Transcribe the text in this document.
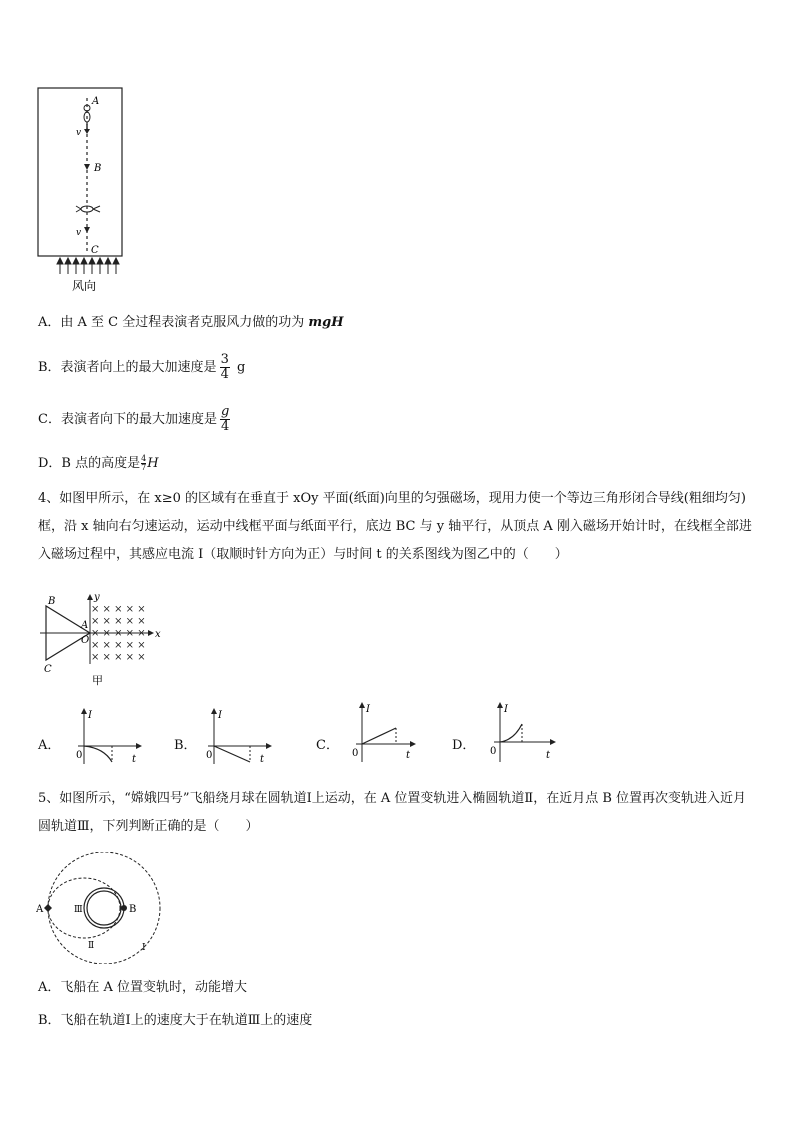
A
v
B
v
C
风向
A．由 A 至 C 全过程表演者克服风力做的功为 mgH
B．表演者向上的最大加速度是 $\frac{3}{4}$ g
C．表演者向下的最大加速度是 $\frac{g}{4}$
D．B 点的高度是 $\frac{4}{7}H$
4、如图甲所示，在 x≥0 的区域有在垂直于 xOy 平面(纸面)向里的匀强磁场，现用力使一个等边三角形闭合导线(粗细均匀)框，沿 x 轴向右匀速运动，运动中线框平面与纸面平行，底边 BC 与 y 轴平行，从顶点 A 刚入磁场开始计时，在线框全部进入磁场过程中，其感应电流 I（取顺时针方向为正）与时间 t 的关系图线为图乙中的（　　）
× × × × ×
× × × × ×
× × × × ×
× × × × ×
× × × × ×
B
C
A
O
x
y
甲
A．
I
0	t
B．
I
0	t
C．
I
0	t
D．
I
0	t
5、如图所示，“嫦娥四号”飞船绕月球在圆轨道Ⅰ上运动，在 A 位置变轨进入椭圆轨道Ⅱ，在近月点 B 位置再次变轨进入近月圆轨道Ⅲ，下列判断正确的是（　　）
A	B
Ⅲ
Ⅱ	Ⅰ
A．飞船在 A 位置变轨时，动能增大
B．飞船在轨道Ⅰ上的速度大于在轨道Ⅲ上的速度
